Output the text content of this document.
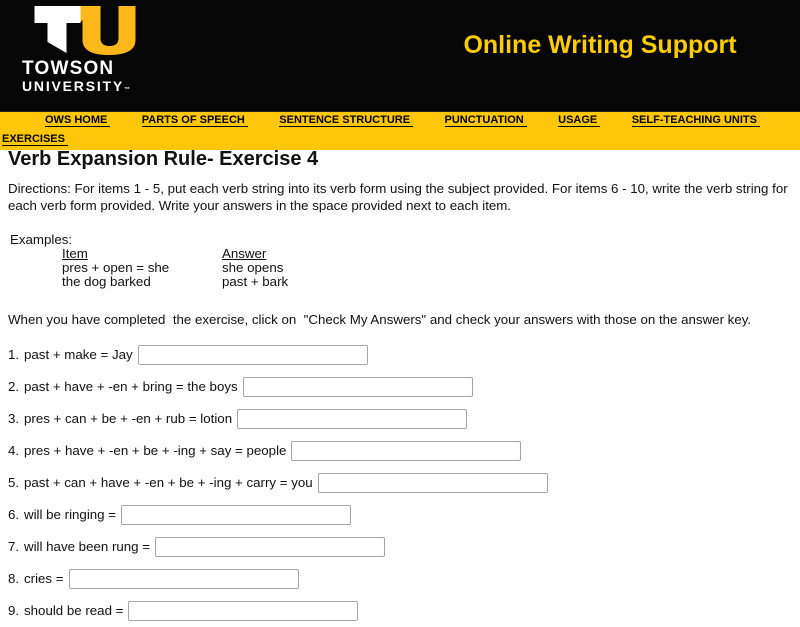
TOWSON
UNIVERSITY™
Online Writing Support
OWS HOME	PARTS OF SPEECH	SENTENCE STRUCTURE	PUNCTUATION	USAGE	SELF-TEACHING UNITS
EXERCISES
Verb Expansion Rule- Exercise 4
Directions: For items 1 - 5, put each verb string into its verb form using the subject provided. For items 6 - 10, write the verb string for each verb form provided. Write your answers in the space provided next to each item.
Examples:
Item	Answer
pres + open = she	she opens
the dog barked	past + bark
When you have completed  the exercise, click on  "Check My Answers" and check your answers with those on the answer key.
1. past + make = Jay
2. past + have + -en + bring = the boys
3. pres + can + be + -en + rub = lotion
4. pres + have + -en + be + -ing + say = people
5. past + can + have + -en + be + -ing + carry = you
6. will be ringing =
7. will have been rung =
8. cries =
9. should be read =
